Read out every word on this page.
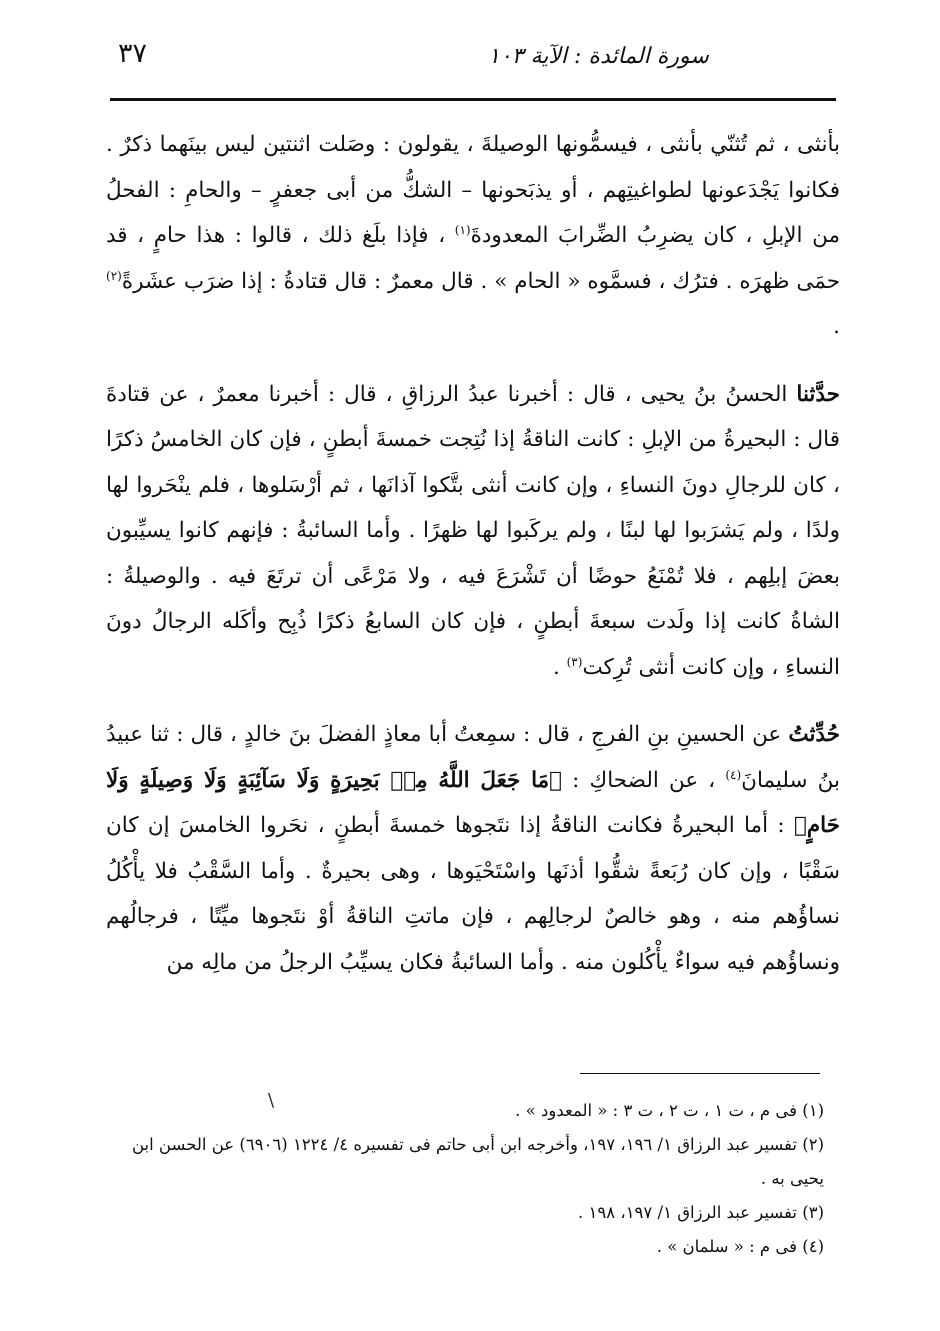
٣٧	سورة المائدة : الآية ١٠٣

بأنثى ، ثم تُثنّي بأنثى ، فيسمُّونها الوصيلةَ ، يقولون : وصَلت اثنتين ليس بينَهما ذكرٌ . فكانوا يَجْدَعونها لطواغيتِهم ، أو يذبَحونها – الشكُّ من أبى جعفرٍ – والحامِ : الفحلُ من الإبلِ ، كان يضرِبُ الضِّرابَ المعدودةَ$^{(١)}$ ، فإذا بلَغ ذلك ، قالوا : هذا حامٍ ، قد حمَى ظهرَه . فترُك ، فسمَّوه « الحام » . قال معمرٌ : قال قتادةُ : إذا ضرَب عشَرةً$^{(٢)}$ .

حدَّثنا الحسنُ بنُ يحيى ، قال : أخبرنا عبدُ الرزاقِ ، قال : أخبرنا معمرٌ ، عن قتادةَ قال : البحيرةُ من الإبلِ : كانت الناقةُ إذا نُتِجت خمسةَ أبطنٍ ، فإن كان الخامسُ ذكرًا ، كان للرجالِ دونَ النساءِ ، وإن كانت أنثى بتَّكوا آذانَها ، ثم أرْسَلوها ، فلم ينْحَروا لها ولدًا ، ولم يَشرَبوا لها لبنًا ، ولم يركَبوا لها ظهرًا . وأما السائبةُ : فإنهم كانوا يسيِّبون بعضَ إبلِهم ، فلا تُمْنَعُ حوضًا أن تَشْرَعَ فيه ، ولا مَرْعًى أن ترتَعَ فيه . والوصيلةُ : الشاةُ كانت إذا ولَدت سبعةَ أبطنٍ ، فإن كان السابعُ ذكرًا ذُبِح وأكَله الرجالُ دونَ النساءِ ، وإن كانت أنثى تُرِكت$^{(٣)}$ .

حُدِّثتُ عن الحسينِ بنِ الفرجِ ، قال : سمِعتُ أبا معاذٍ الفضلَ بنَ خالدٍ ، قال : ثنا عبيدُ بنُ سليمانَ$^{(٤)}$ ، عن الضحاكِ : ﴿مَا جَعَلَ اللَّهُ مِنۢ بَحِيرَةٍ وَلَا سَآئِبَةٍ وَلَا وَصِيلَةٍ وَلَا حَامٍ﴾ : أما البحيرةُ فكانت الناقةُ إذا نتَجوها خمسةَ أبطنٍ ، نحَروا الخامسَ إن كان سَقْبًا ، وإن كان رُبَعةً شقُّوا أذنَها واسْتَحْيَوها ، وهى بحيرةٌ . وأما السَّقْبُ فلا يأْكُلُ نساؤُهم منه ، وهو خالصٌ لرجالِهم ، فإن ماتتِ الناقةُ أوْ نتَجوها ميِّتًا ، فرجالُهم ونساؤُهم فيه سواءٌ يأْكُلون منه . وأما السائبةُ فكان يسيِّبُ الرجلُ من مالِه من

\	(١) فى م ، ت ١ ، ت ٢ ، ت ٣ : « المعدود » .

(٢) تفسير عبد الرزاق ١/ ١٩٦، ١٩٧، وأخرجه ابن أبى حاتم فى تفسيره ٤/ ١٢٢٤ (٦٩٠٦) عن الحسن ابن يحيى به .

(٣) تفسير عبد الرزاق ١/ ١٩٧، ١٩٨ .

(٤) فى م : « سلمان » .
